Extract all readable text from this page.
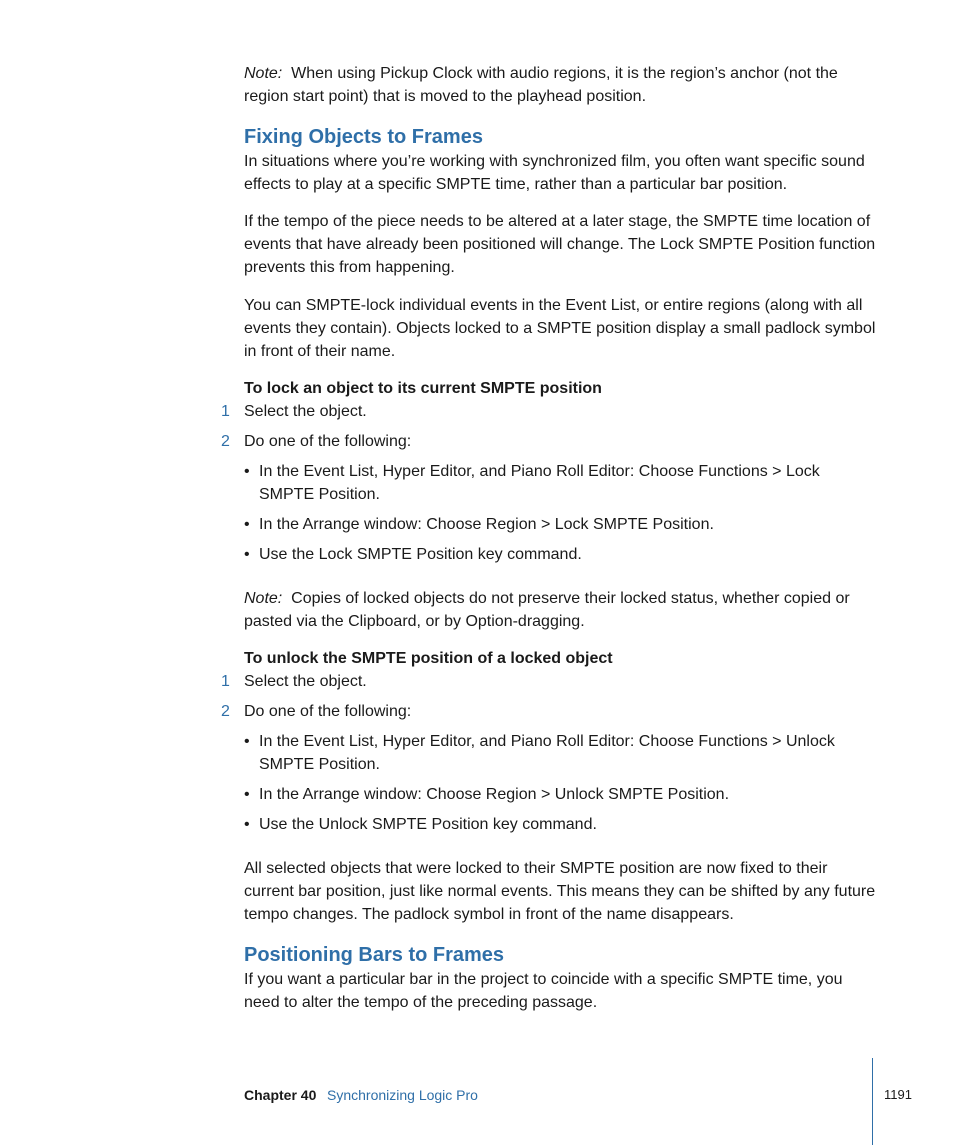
Note: When using Pickup Clock with audio regions, it is the region’s anchor (not the region start point) that is moved to the playhead position.

Fixing Objects to Frames

In situations where you’re working with synchronized film, you often want specific sound effects to play at a specific SMPTE time, rather than a particular bar position.

If the tempo of the piece needs to be altered at a later stage, the SMPTE time location of events that have already been positioned will change. The Lock SMPTE Position function prevents this from happening.

You can SMPTE-lock individual events in the Event List, or entire regions (along with all events they contain). Objects locked to a SMPTE position display a small padlock symbol in front of their name.

To lock an object to its current SMPTE position
1 Select the object.
2 Do one of the following:
• In the Event List, Hyper Editor, and Piano Roll Editor: Choose Functions > Lock SMPTE Position.
• In the Arrange window: Choose Region > Lock SMPTE Position.
• Use the Lock SMPTE Position key command.

Note: Copies of locked objects do not preserve their locked status, whether copied or pasted via the Clipboard, or by Option-dragging.

To unlock the SMPTE position of a locked object
1 Select the object.
2 Do one of the following:
• In the Event List, Hyper Editor, and Piano Roll Editor: Choose Functions > Unlock SMPTE Position.
• In the Arrange window: Choose Region > Unlock SMPTE Position.
• Use the Unlock SMPTE Position key command.

All selected objects that were locked to their SMPTE position are now fixed to their current bar position, just like normal events. This means they can be shifted by any future tempo changes. The padlock symbol in front of the name disappears.

Positioning Bars to Frames

If you want a particular bar in the project to coincide with a specific SMPTE time, you need to alter the tempo of the preceding passage.

Chapter 40 Synchronizing Logic Pro	1191
